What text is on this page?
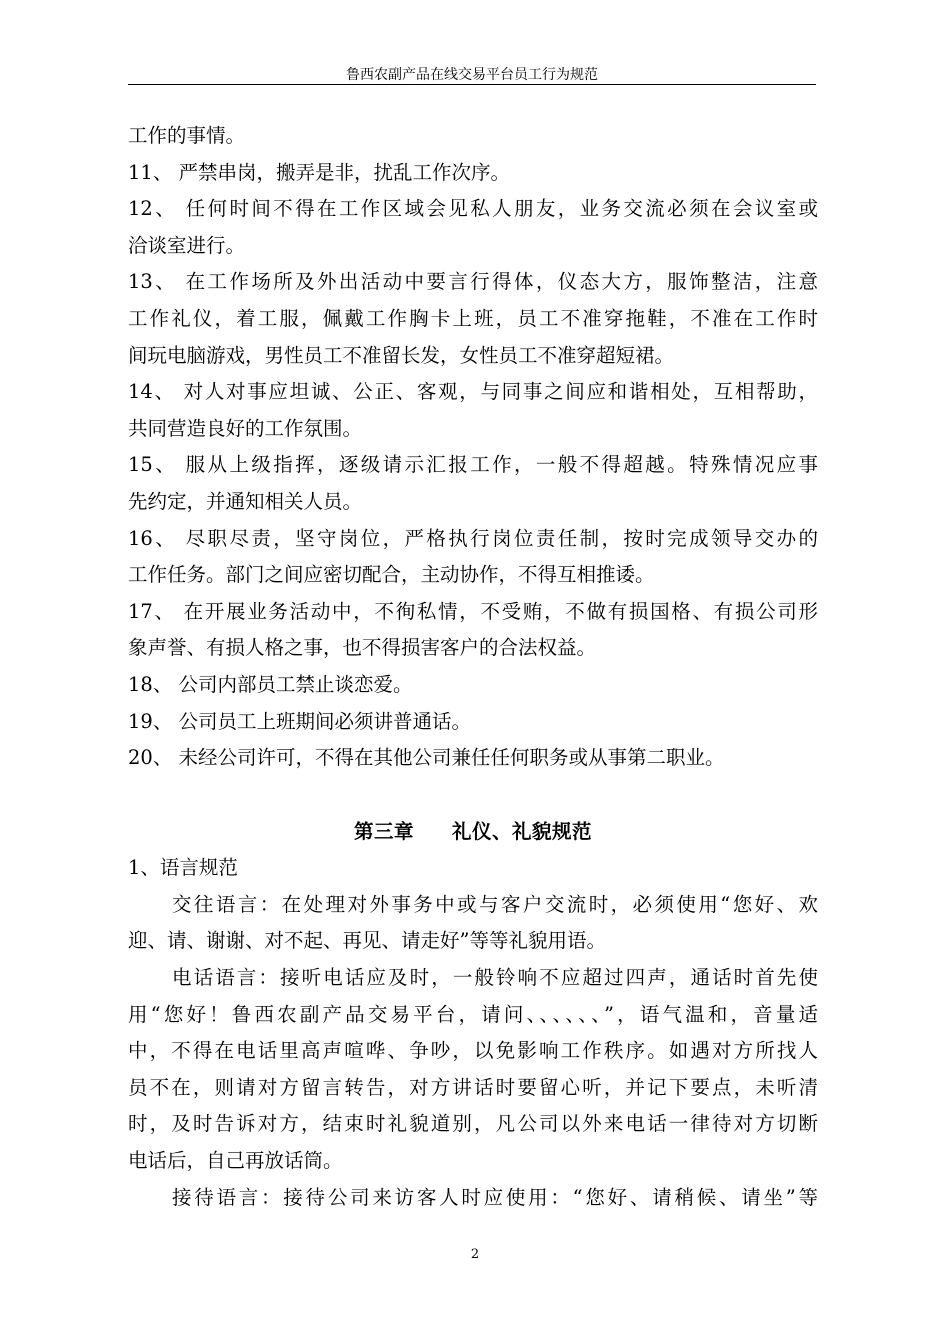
鲁西农副产品在线交易平台员工行为规范
工作的事情。
11、 严禁串岗，搬弄是非，扰乱工作次序。
12、 任何时间不得在工作区域会见私人朋友，业务交流必须在会议室或
洽谈室进行。
13、 在工作场所及外出活动中要言行得体，仪态大方，服饰整洁，注意
工作礼仪，着工服，佩戴工作胸卡上班，员工不准穿拖鞋，不准在工作时
间玩电脑游戏，男性员工不准留长发，女性员工不准穿超短裙。
14、 对人对事应坦诚、公正、客观，与同事之间应和谐相处，互相帮助，
共同营造良好的工作氛围。
15、 服从上级指挥，逐级请示汇报工作，一般不得超越。特殊情况应事
先约定，并通知相关人员。
16、 尽职尽责，坚守岗位，严格执行岗位责任制，按时完成领导交办的
工作任务。部门之间应密切配合，主动协作，不得互相推诿。
17、 在开展业务活动中，不徇私情，不受贿，不做有损国格、有损公司形
象声誉、有损人格之事，也不得损害客户的合法权益。
18、 公司内部员工禁止谈恋爱。
19、 公司员工上班期间必须讲普通话。
20、 未经公司许可，不得在其他公司兼任任何职务或从事第二职业。
第三章 礼仪、礼貌规范
1、语言规范
交往语言：在处理对外事务中或与客户交流时，必须使用“您好、欢
迎、请、谢谢、对不起、再见、请走好”等等礼貌用语。
电话语言：接听电话应及时，一般铃响不应超过四声，通话时首先使
用“您好！鲁西农副产品交易平台，请问、、、、、、”，语气温和，音量适
中，不得在电话里高声喧哗、争吵，以免影响工作秩序。如遇对方所找人
员不在，则请对方留言转告，对方讲话时要留心听，并记下要点，未听清
时，及时告诉对方，结束时礼貌道别，凡公司以外来电话一律待对方切断
电话后，自己再放话筒。
接待语言：接待公司来访客人时应使用：“您好、请稍候、请坐”等
2
